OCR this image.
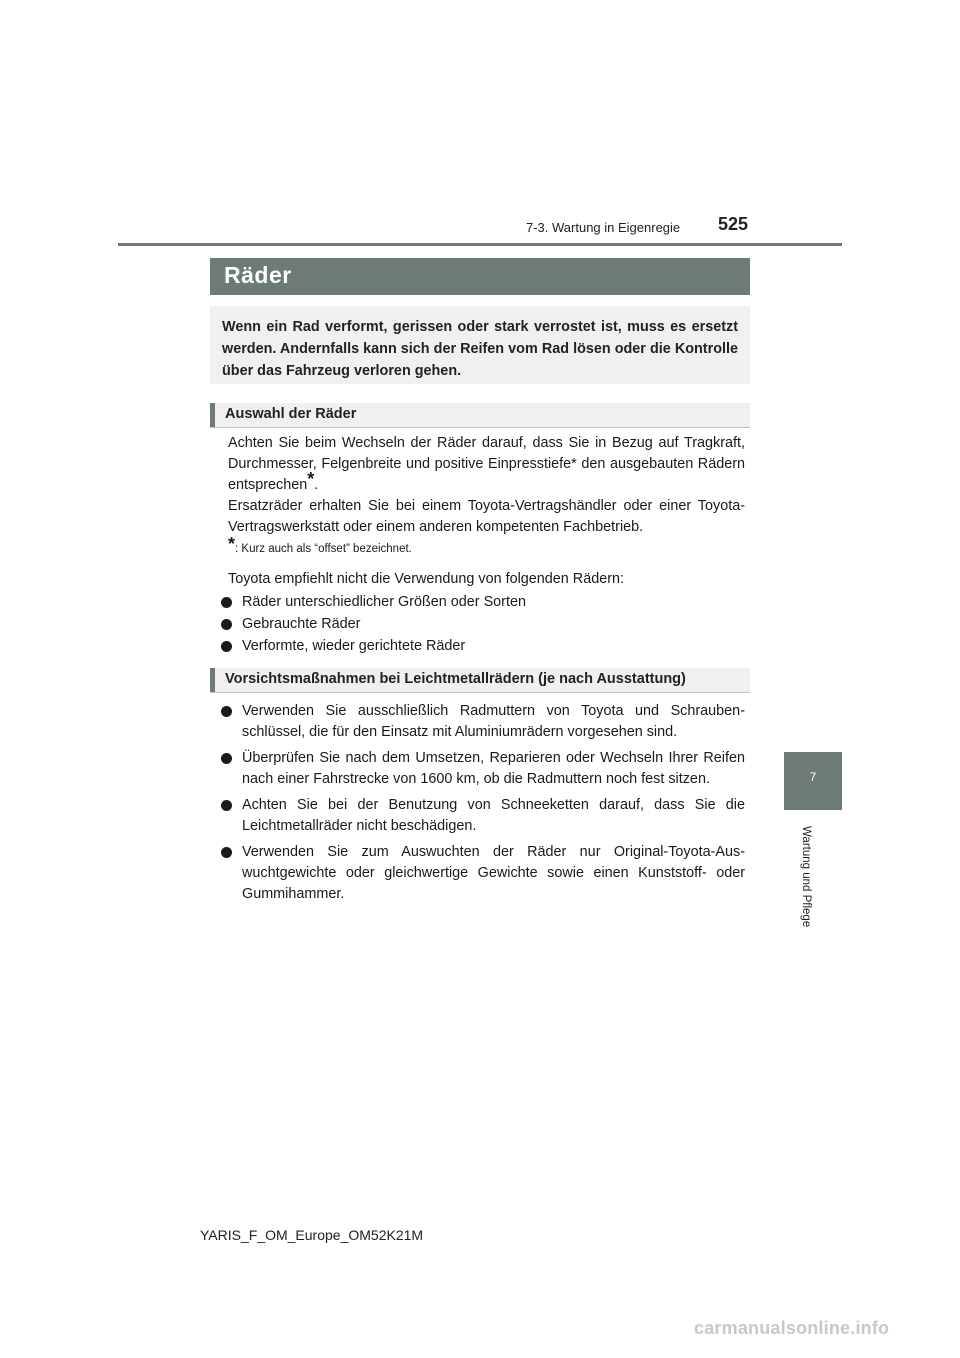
7-3. Wartung in Eigenregie 525
Räder
Wenn ein Rad verformt, gerissen oder stark verrostet ist, muss es ersetzt werden. Andernfalls kann sich der Reifen vom Rad lösen oder die Kontrolle über das Fahrzeug verloren gehen.
Auswahl der Räder

Achten Sie beim Wechseln der Räder darauf, dass Sie in Bezug auf Tragkraft, Durchmesser, Felgenbreite und positive Einpresstiefe* den ausgebauten Rädern entsprechen*.

Ersatzräder erhalten Sie bei einem Toyota-Vertragshändler oder einer Toyota-Vertragswerkstatt oder einem anderen kompetenten Fachbetrieb.

*: Kurz auch als “offset” bezeichnet.
Toyota empfiehlt nicht die Verwendung von folgenden Rädern:
Räder unterschiedlicher Größen oder Sorten
Gebrauchte Räder
Verformte, wieder gerichtete Räder
Vorsichtsmaßnahmen bei Leichtmetallrädern (je nach Ausstattung)
Verwenden Sie ausschließlich Radmuttern von Toyota und Schraubenschlüssel, die für den Einsatz mit Aluminiumrädern vorgesehen sind.
Überprüfen Sie nach dem Umsetzen, Reparieren oder Wechseln Ihrer Reifen nach einer Fahrstrecke von 1600 km, ob die Radmuttern noch fest sitzen.
Achten Sie bei der Benutzung von Schneeketten darauf, dass Sie die Leichtmetallräder nicht beschädigen.
Verwenden Sie zum Auswuchten der Räder nur Original-Toyota-Auswuchtgewichte oder gleichwertige Gewichte sowie einen Kunststoff- oder Gummihammer.
7
Wartung und Pflege
YARIS_F_OM_Europe_OM52K21M
carmanualsonline.info
